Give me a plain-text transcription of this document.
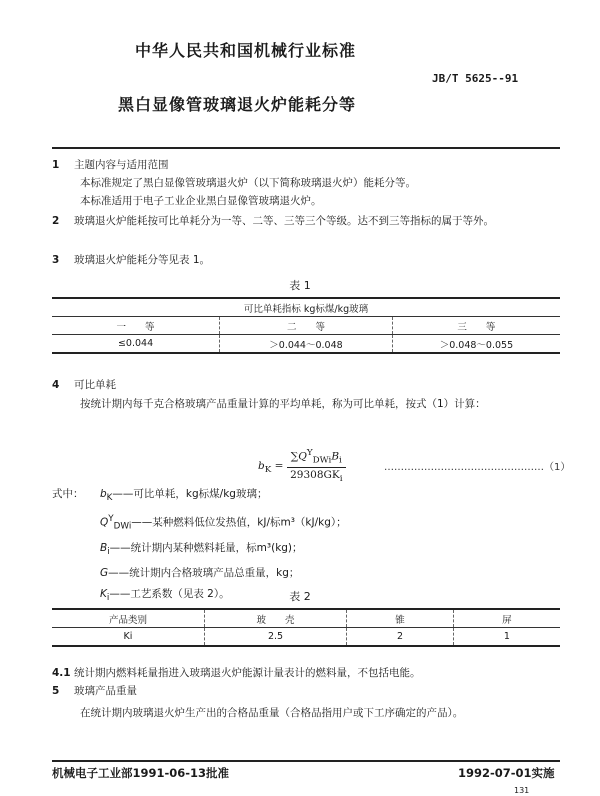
中华人民共和国机械行业标准
JB/T 5625--91
黑白显像管玻璃退火炉能耗分等
1 主题内容与适用范围
本标准规定了黑白显像管玻璃退火炉（以下简称玻璃退火炉）能耗分等。
本标准适用于电子工业企业黑白显像管玻璃退火炉。
2 玻璃退火炉能耗按可比单耗分为一等、二等、三等三个等级。达不到三等指标的属于等外。
3 玻璃退火炉能耗分等见表 1。
表 1
可比单耗指标 kg标煤/kg玻璃		
一　　等	二　　等	三　　等
≤0.044	＞0.044～0.048	＞0.048～0.055
4 可比单耗
按统计期内每千克合格玻璃产品重量计算的平均单耗，称为可比单耗，按式（1）计算：
$b_K = \frac{\sum Q^Y_{DWi}B_i}{29308GK_i}$	…………………………………………（1）
式中： $b_K——$可比单耗，kg标煤/kg玻璃；
$Q^Y_{DWi}——$某种燃料低位发热值，kJ/标m³（kJ/kg）；
$B_i——$统计期内某种燃料耗量，标m³(kg)；
G——统计期内合格玻璃产品总重量，kg；
$K_i——$工艺系数（见表 2）。	表 2
产品类别	玻　　壳	锥	屏
Ki	2.5	2	1
4.1 统计期内燃料耗量指进入玻璃退火炉能源计量表计的燃料量，不包括电能。
5 玻璃产品重量
在统计期内玻璃退火炉生产出的合格品重量（合格品指用户或下工序确定的产品）。
机械电子工业部1991-06-13批准	1992-07-01实施
131
